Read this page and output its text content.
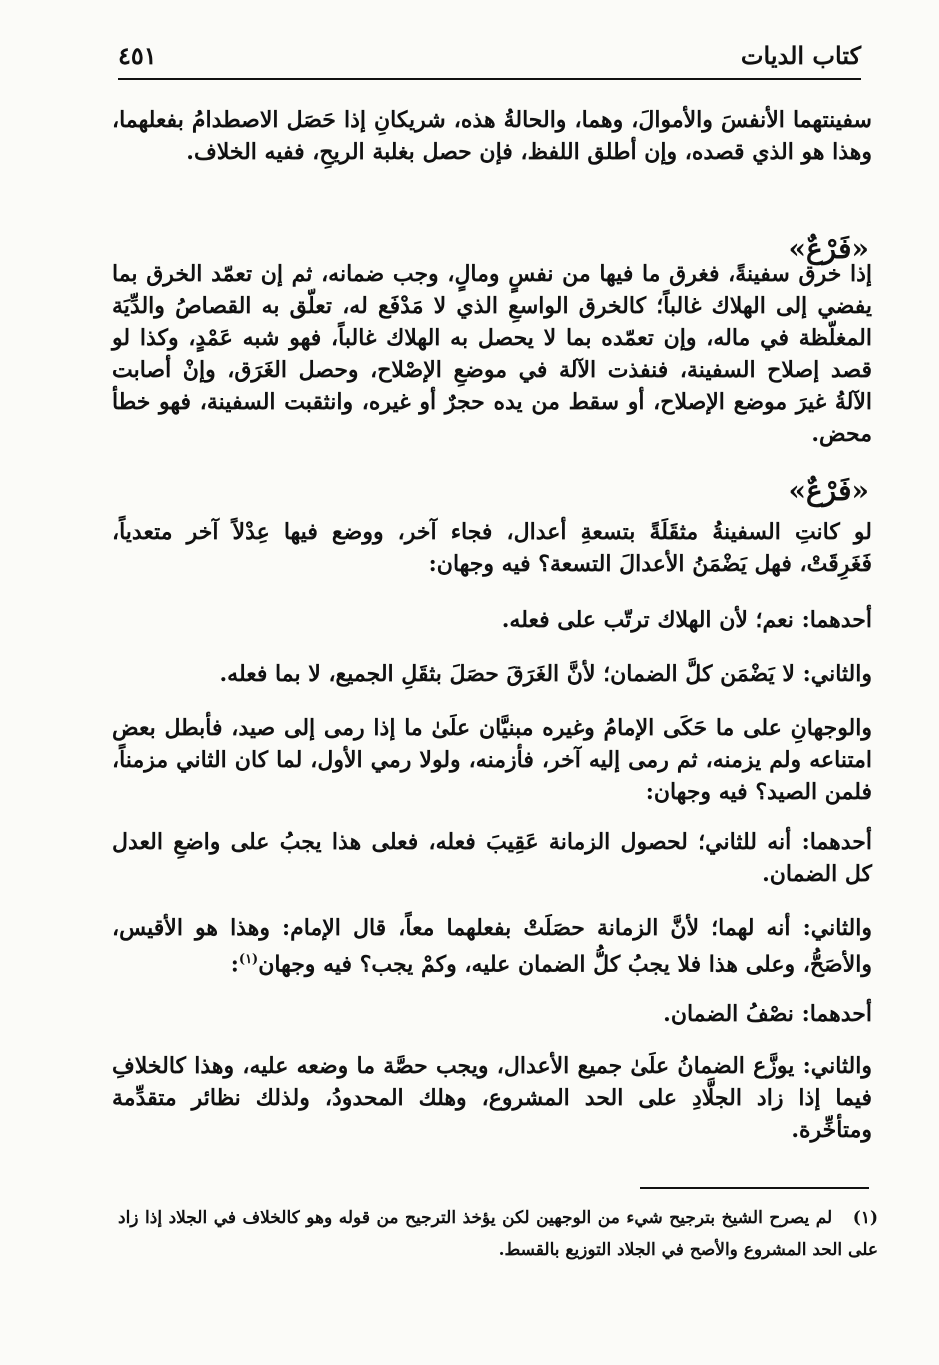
كتاب الديات
٤٥١
سفينتهما الأنفسَ والأموالَ، وهما، والحالةُ هذه، شريكانِ إذا حَصَل الاصطدامُ بفعلهما، وهذا هو الذي قصده، وإن أطلق اللفظ، فإن حصل بغلبة الريحِ، ففيه الخلاف.
«فَرْعٌ»
إذا خرق سفينةً، فغرق ما فيها من نفسٍ ومالٍ، وجب ضمانه، ثم إن تعمّد الخرق بما يفضي إلى الهلاك غالباً؛ كالخرق الواسعِ الذي لا مَدْفَع له، تعلّق به القصاصُ والدِّيَة المغلّظة في ماله، وإن تعمّده بما لا يحصل به الهلاك غالباً، فهو شبه عَمْدٍ، وكذا لو قصد إصلاح السفينة، فنفذت الآلة في موضعِ الإصْلاح، وحصل الغَرَق، وإنْ أصابت الآلةُ غيرَ موضع الإصلاح، أو سقط من يده حجرٌ أو غيره، وانثقبت السفينة، فهو خطأ محض.
«فَرْعٌ»
لو كانتِ السفينةُ مثقَلَةً بتسعةِ أعدال، فجاء آخر، ووضع فيها عِدْلاً آخر متعدياً، فَغَرِقَتْ، فهل يَضْمَنُ الأعدالَ التسعة؟ فيه وجهان:
أحدهما: نعم؛ لأن الهلاك ترتّب على فعله.
والثاني: لا يَضْمَن كلَّ الضمان؛ لأنَّ الغَرَقَ حصَلَ بثقَلِ الجميع، لا بما فعله.
والوجهانِ على ما حَكَى الإمامُ وغيره مبنيَّان علَىٰ ما إذا رمى إلى صيد، فأبطل بعض امتناعه ولم يزمنه، ثم رمى إليه آخر، فأزمنه، ولولا رمي الأول، لما كان الثاني مزمناً، فلمن الصيد؟ فيه وجهان:
أحدهما: أنه للثاني؛ لحصول الزمانة عَقِيبَ فعله، فعلى هذا يجبُ على واضعِ العدل كل الضمان.
والثاني: أنه لهما؛ لأنَّ الزمانة حصَلَتْ بفعلهما معاً، قال الإمام: وهذا هو الأقيس، والأصَحُّ، وعلى هذا فلا يجبُ كلُّ الضمان عليه، وكمْ يجب؟ فيه وجهان$^{(١)}$:
أحدهما: نصْفُ الضمان.
والثاني: يوزَّع الضمانُ علَىٰ جميع الأعدال، ويجب حصَّة ما وضعه عليه، وهذا كالخلافِ فيما إذا زاد الجلَّادِ على الحد المشروع، وهلك المحدودُ، ولذلك نظائر متقدِّمة ومتأخِّرة.
(١) لم يصرح الشيخ بترجيح شيء من الوجهين لكن يؤخذ الترجيح من قوله وهو كالخلاف في الجلاد إذا زاد على الحد المشروع والأصح في الجلاد التوزيع بالقسط.
